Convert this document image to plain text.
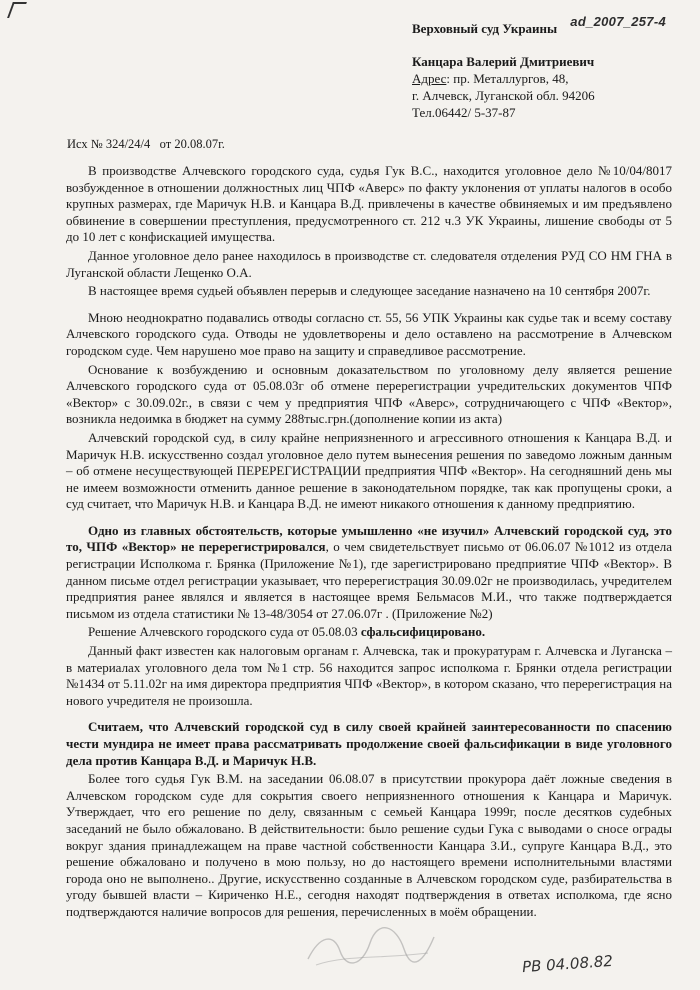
ad_2007_257-4
Верховный суд Украины
Канцара Валерий Дмитриевич
Адрес: пр. Металлургов, 48,
г. Алчевск, Луганской обл. 94206
Тел.06442/ 5-37-87
Исх № 324/24/4 от 20.08.07г.

В производстве Алчевского городского суда, судья Гук В.С., находится уголовное дело №10/04/8017 возбужденное в отношении должностных лиц ЧПФ «Аверс» по факту уклонения от уплаты налогов в особо крупных размерах, где Маричук Н.В. и Канцара В.Д. привлечены в качестве обвиняемых и им предъявлено обвинение в совершении преступления, предусмотренного ст. 212 ч.3 УК Украины, лишение свободы от 5 до 10 лет с конфискацией имущества.

Данное уголовное дело ранее находилось в производстве ст. следователя отделения РУД СО НМ ГНА в Луганской области Лещенко О.А.

В настоящее время судьей объявлен перерыв и следующее заседание назначено на 10 сентября 2007г.

Мною неоднократно подавались отводы согласно ст. 55, 56 УПК Украины как судье так и всему составу Алчевского городского суда. Отводы не удовлетворены и дело оставлено на рассмотрение в Алчевском городском суде. Чем нарушено мое право на защиту и справедливое рассмотрение.

Основание к возбуждению и основным доказательством по уголовному делу является решение Алчевского городского суда от 05.08.03г об отмене перерегистрации учредительских документов ЧПФ «Вектор» с 30.09.02г., в связи с чем у предприятия ЧПФ «Аверс», сотрудничающего с ЧПФ «Вектор», возникла недоимка в бюджет на сумму 288тыс.грн.(дополнение копии из акта)

Алчевский городской суд, в силу крайне неприязненного и агрессивного отношения к Канцара В.Д. и Маричук Н.В. искусственно создал уголовное дело путем вынесения решения по заведомо ложным данным – об отмене несуществующей ПЕРЕРЕГИСТРАЦИИ предприятия ЧПФ «Вектор». На сегодняшний день мы не имеем возможности отменить данное решение в законодательном порядке, так как пропущены сроки, а суд считает, что Маричук Н.В. и Канцара В.Д. не имеют никакого отношения к данному предприятию.

Одно из главных обстоятельств, которые умышленно «не изучил» Алчевский городской суд, это то, ЧПФ «Вектор» не перерегистрировался, о чем свидетельствует письмо от 06.06.07 №1012 из отдела регистрации Исполкома г. Брянка (Приложение №1), где зарегистрировано предприятие ЧПФ «Вектор». В данном письме отдел регистрации указывает, что перерегистрация 30.09.02г не производилась, учредителем предприятия ранее являлся и является в настоящее время Бельмасов М.И., что также подтверждается письмом из отдела статистики № 13-48/3054 от 27.06.07г . (Приложение №2)

Решение Алчевского городского суда от 05.08.03 сфальсифицировано.

Данный факт известен как налоговым органам г. Алчевска, так и прокуратурам г. Алчевска и Луганска – в материалах уголовного дела том №1 стр. 56 находится запрос исполкома г. Брянки отдела регистрации №1434 от 5.11.02г на имя директора предприятия ЧПФ «Вектор», в котором сказано, что перерегистрация на нового учредителя не произошла.

Считаем, что Алчевский городской суд в силу своей крайней заинтересованности по спасению чести мундира не имеет права рассматривать продолжение своей фальсификации в виде уголовного дела против Канцара В.Д. и Маричук Н.В.

Более того судья Гук В.М. на заседании 06.08.07 в присутствии прокурора даёт ложные сведения в Алчевском городском суде для сокрытия своего неприязненного отношения к Канцара и Маричук. Утверждает, что его решение по делу, связанным с семьей Канцара 1999г, после десятков судебных заседаний не было обжаловано. В действительности: было решение судьи Гука с выводами о сносе ограды вокруг здания принадлежащем на праве частной собственности Канцара З.И., супруге Канцара В.Д., это решение обжаловано и получено в мою пользу, но до настоящего времени исполнительными властями города оно не выполнено.. Другие, искусственно созданные в Алчевском городском суде, разбирательства в угоду бывшей власти – Кириченко Н.Е., сегодня находят подтверждения в ответах исполкома, где ясно подтверждаются наличие вопросов для решения, перечисленных в моём обращении.

РВ 04.08.82
